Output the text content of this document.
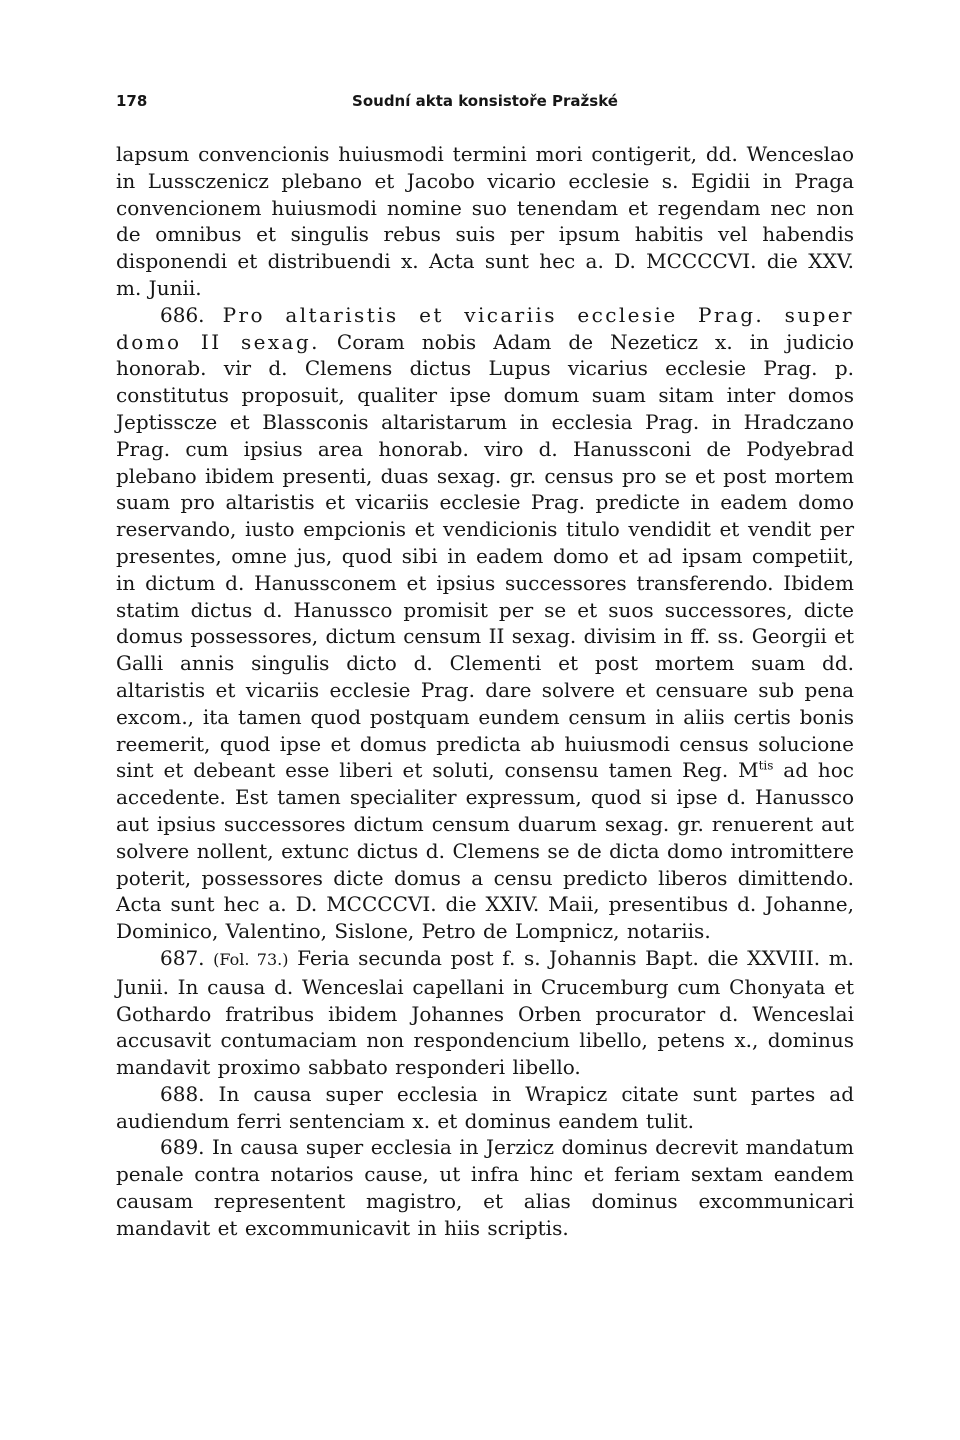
178	Soudní akta konsistoře Pražské

lapsum convencionis huiusmodi termini mori contigerit, dd. Wenceslao in Lussczenicz plebano et Jacobo vicario ecclesie s. Egidii in Praga convencionem huiusmodi nomine suo tenendam et regendam nec non de omnibus et singulis rebus suis per ipsum habitis vel habendis disponendi et distribuendi x. Acta sunt hec a. D. MCCCCVI. die XXV. m. Junii.

686. Pro altaristis et vicariis ecclesie Prag. super domo II sexag. Coram nobis Adam de Nezeticz x. in judicio honorab. vir d. Clemens dictus Lupus vicarius ecclesie Prag. p. constitutus proposuit, qualiter ipse domum suam sitam inter domos Jeptisscze et Blassconis altaristarum in ecclesia Prag. in Hradczano Prag. cum ipsius area honorab. viro d. Hanussconi de Podyebrad plebano ibidem presenti, duas sexag. gr. census pro se et post mortem suam pro altaristis et vicariis ecclesie Prag. predicte in eadem domo reservando, iusto empcionis et vendicionis titulo vendidit et vendit per presentes, omne jus, quod sibi in eadem domo et ad ipsam competiit, in dictum d. Hanussconem et ipsius successores transferendo. Ibidem statim dictus d. Hanussco promisit per se et suos successores, dicte domus possessores, dictum censum II sexag. divisim in ff. ss. Georgii et Galli annis singulis dicto d. Clementi et post mortem suam dd. altaristis et vicariis ecclesie Prag. dare solvere et censuare sub pena excom., ita tamen quod postquam eundem censum in aliis certis bonis reemerit, quod ipse et domus predicta ab huiusmodi census solucione sint et debeant esse liberi et soluti, consensu tamen Reg. $M^{tis}$ ad hoc accedente. Est tamen specialiter expressum, quod si ipse d. Hanussco aut ipsius successores dictum censum duarum sexag. gr. renuerent aut solvere nollent, extunc dictus d. Clemens se de dicta domo intromittere poterit, possessores dicte domus a censu predicto liberos dimittendo. Acta sunt hec a. D. MCCCCVI. die XXIV. Maii, presentibus d. Johanne, Dominico, Valentino, Sislone, Petro de Lompnicz, notariis.

687. (Fol. 73.) Feria secunda post f. s. Johannis Bapt. die XXVIII. m. Junii. In causa d. Wenceslai capellani in Crucemburg cum Chonyata et Gothardo fratribus ibidem Johannes Orben procurator d. Wenceslai accusavit contumaciam non respondencium libello, petens x., dominus mandavit proximo sabbato responderi libello.

688. In causa super ecclesia in Wrapicz citate sunt partes ad audiendum ferri sentenciam x. et dominus eandem tulit.

689. In causa super ecclesia in Jerzicz dominus decrevit mandatum penale contra notarios cause, ut infra hinc et feriam sextam eandem causam representent magistro, et alias dominus excommunicari mandavit et excommunicavit in hiis scriptis.
